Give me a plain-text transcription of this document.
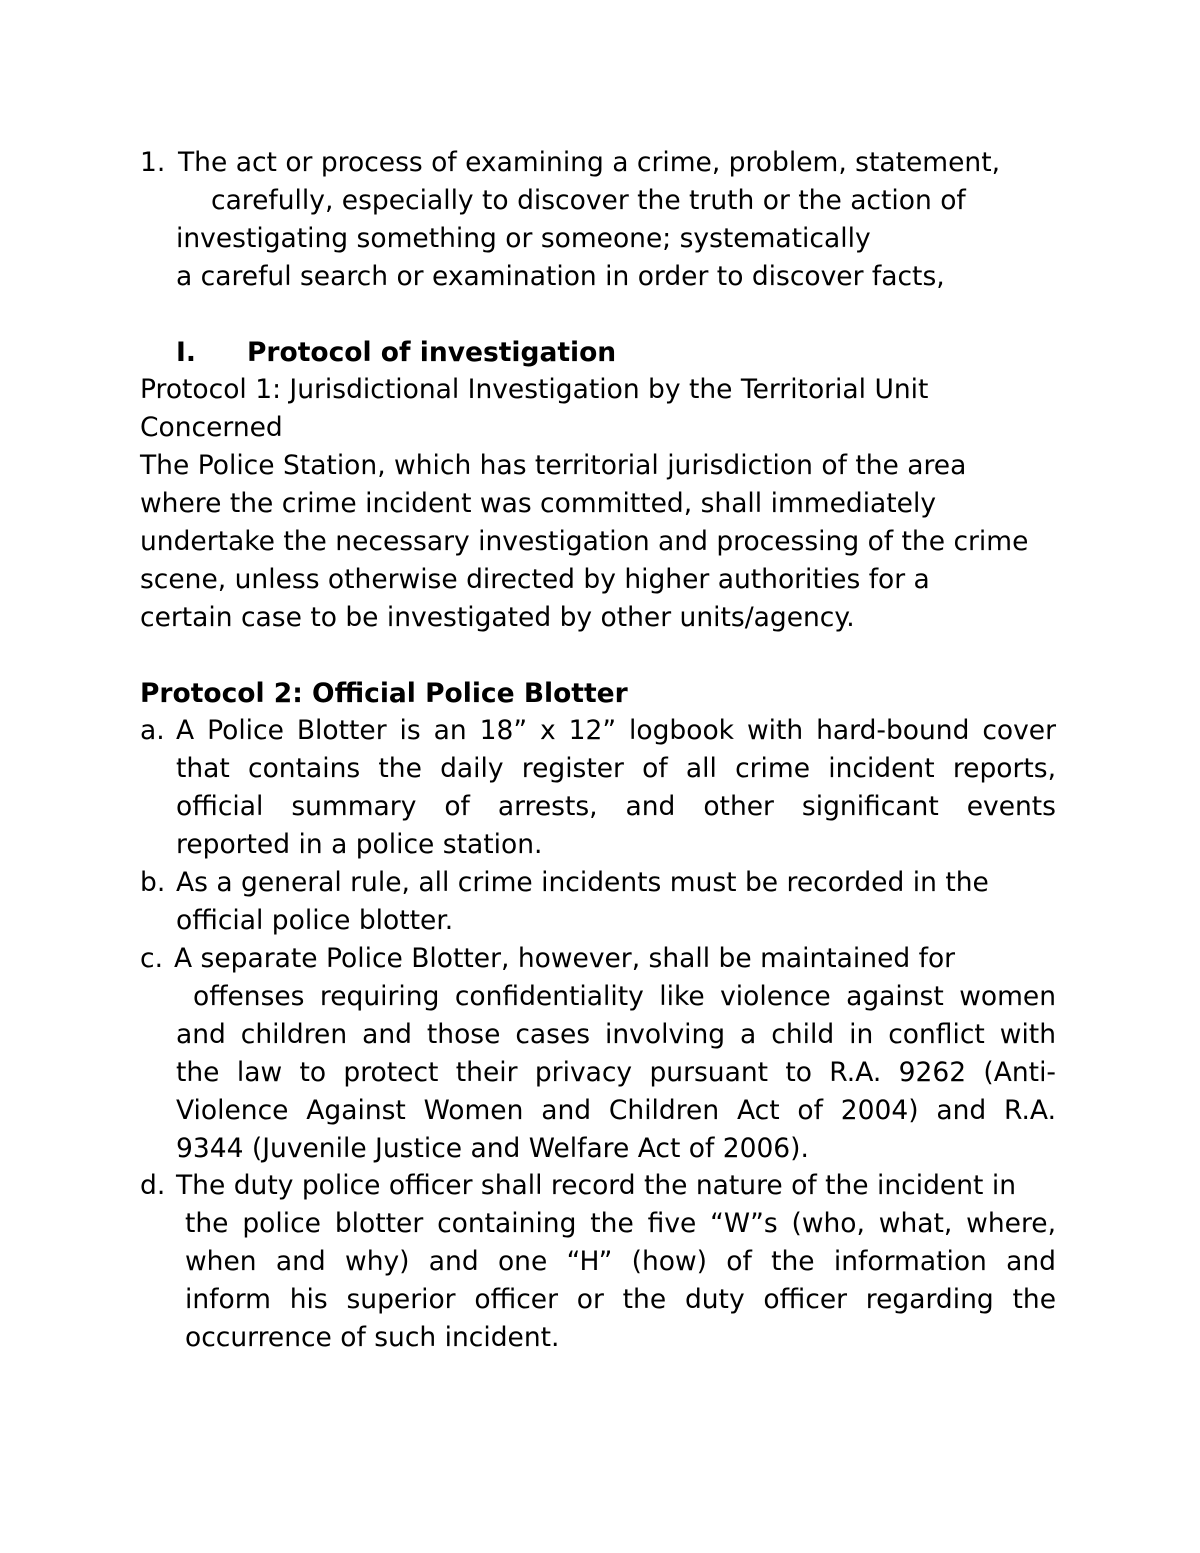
1. The act or process of examining a crime, problem, statement,
carefully, especially to discover the truth or the action of
investigating something or someone; systematically
a careful search or examination in order to discover facts,
I. Protocol of investigation
Protocol 1: Jurisdictional Investigation by the Territorial Unit
Concerned
The Police Station, which has territorial jurisdiction of the area
where the crime incident was committed, shall immediately
undertake the necessary investigation and processing of the crime
scene, unless otherwise directed by higher authorities for a
certain case to be investigated by other units/agency.
Protocol 2: Official Police Blotter
a. A Police Blotter is an 18” x 12” logbook with hard-bound cover
that contains the daily register of all crime incident reports,
official summary of arrests, and other significant events
reported in a police station.
b. As a general rule, all crime incidents must be recorded in the
official police blotter.
c. A separate Police Blotter, however, shall be maintained for
offenses requiring confidentiality like violence against women
and children and those cases involving a child in conflict with
the law to protect their privacy pursuant to R.A. 9262 (Anti-
Violence Against Women and Children Act of 2004) and R.A.
9344 (Juvenile Justice and Welfare Act of 2006).
d. The duty police officer shall record the nature of the incident in
the police blotter containing the five “W”s (who, what, where,
when and why) and one “H” (how) of the information and
inform his superior officer or the duty officer regarding the
occurrence of such incident.
